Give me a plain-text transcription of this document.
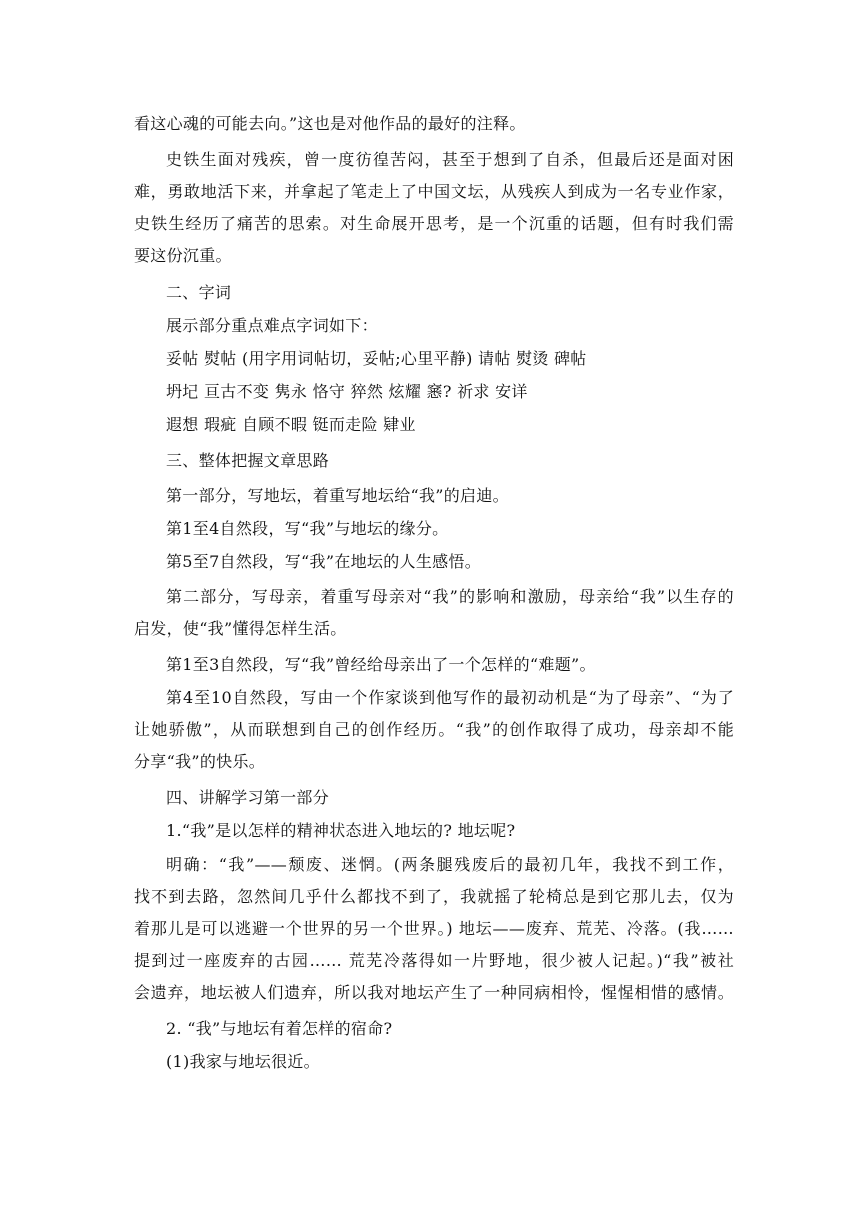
看这心魂的可能去向。”这也是对他作品的最好的注释。
史铁生面对残疾，曾一度彷徨苦闷，甚至于想到了自杀，但最后还是面对困
难，勇敢地活下来，并拿起了笔走上了中国文坛，从残疾人到成为一名专业作家，
史铁生经历了痛苦的思索。对生命展开思考，是一个沉重的话题，但有时我们需
要这份沉重。
二、字词
展示部分重点难点字词如下：
妥帖 熨帖 (用字用词帖切，妥帖;心里平静) 请帖 熨烫 碑帖
坍圮 亘古不变 隽永 恪守 猝然 炫耀 窸? 祈求 安详
遐想 瑕疵 自顾不暇 铤而走险 肄业
三、整体把握文章思路
第一部分，写地坛，着重写地坛给“我”的启迪。
第1至4自然段，写“我”与地坛的缘分。
第5至7自然段，写“我”在地坛的人生感悟。
第二部分，写母亲，着重写母亲对“我”的影响和激励，母亲给“我”以生存的
启发，使“我”懂得怎样生活。
第1至3自然段，写“我”曾经给母亲出了一个怎样的“难题”。
第4至10自然段，写由一个作家谈到他写作的最初动机是“为了母亲”、“为了
让她骄傲”，从而联想到自己的创作经历。“我”的创作取得了成功，母亲却不能
分享“我”的快乐。
四、讲解学习第一部分
1.“我”是以怎样的精神状态进入地坛的? 地坛呢?
明确：“我”——颓废、迷惘。(两条腿残废后的最初几年，我找不到工作，
找不到去路，忽然间几乎什么都找不到了，我就摇了轮椅总是到它那儿去，仅为
着那儿是可以逃避一个世界的另一个世界。) 地坛——废弃、荒芜、冷落。(我……
提到过一座废弃的古园…… 荒芜冷落得如一片野地，很少被人记起。)“我”被社
会遗弃，地坛被人们遗弃，所以我对地坛产生了一种同病相怜，惺惺相惜的感情。
2. “我”与地坛有着怎样的宿命?
(1)我家与地坛很近。
